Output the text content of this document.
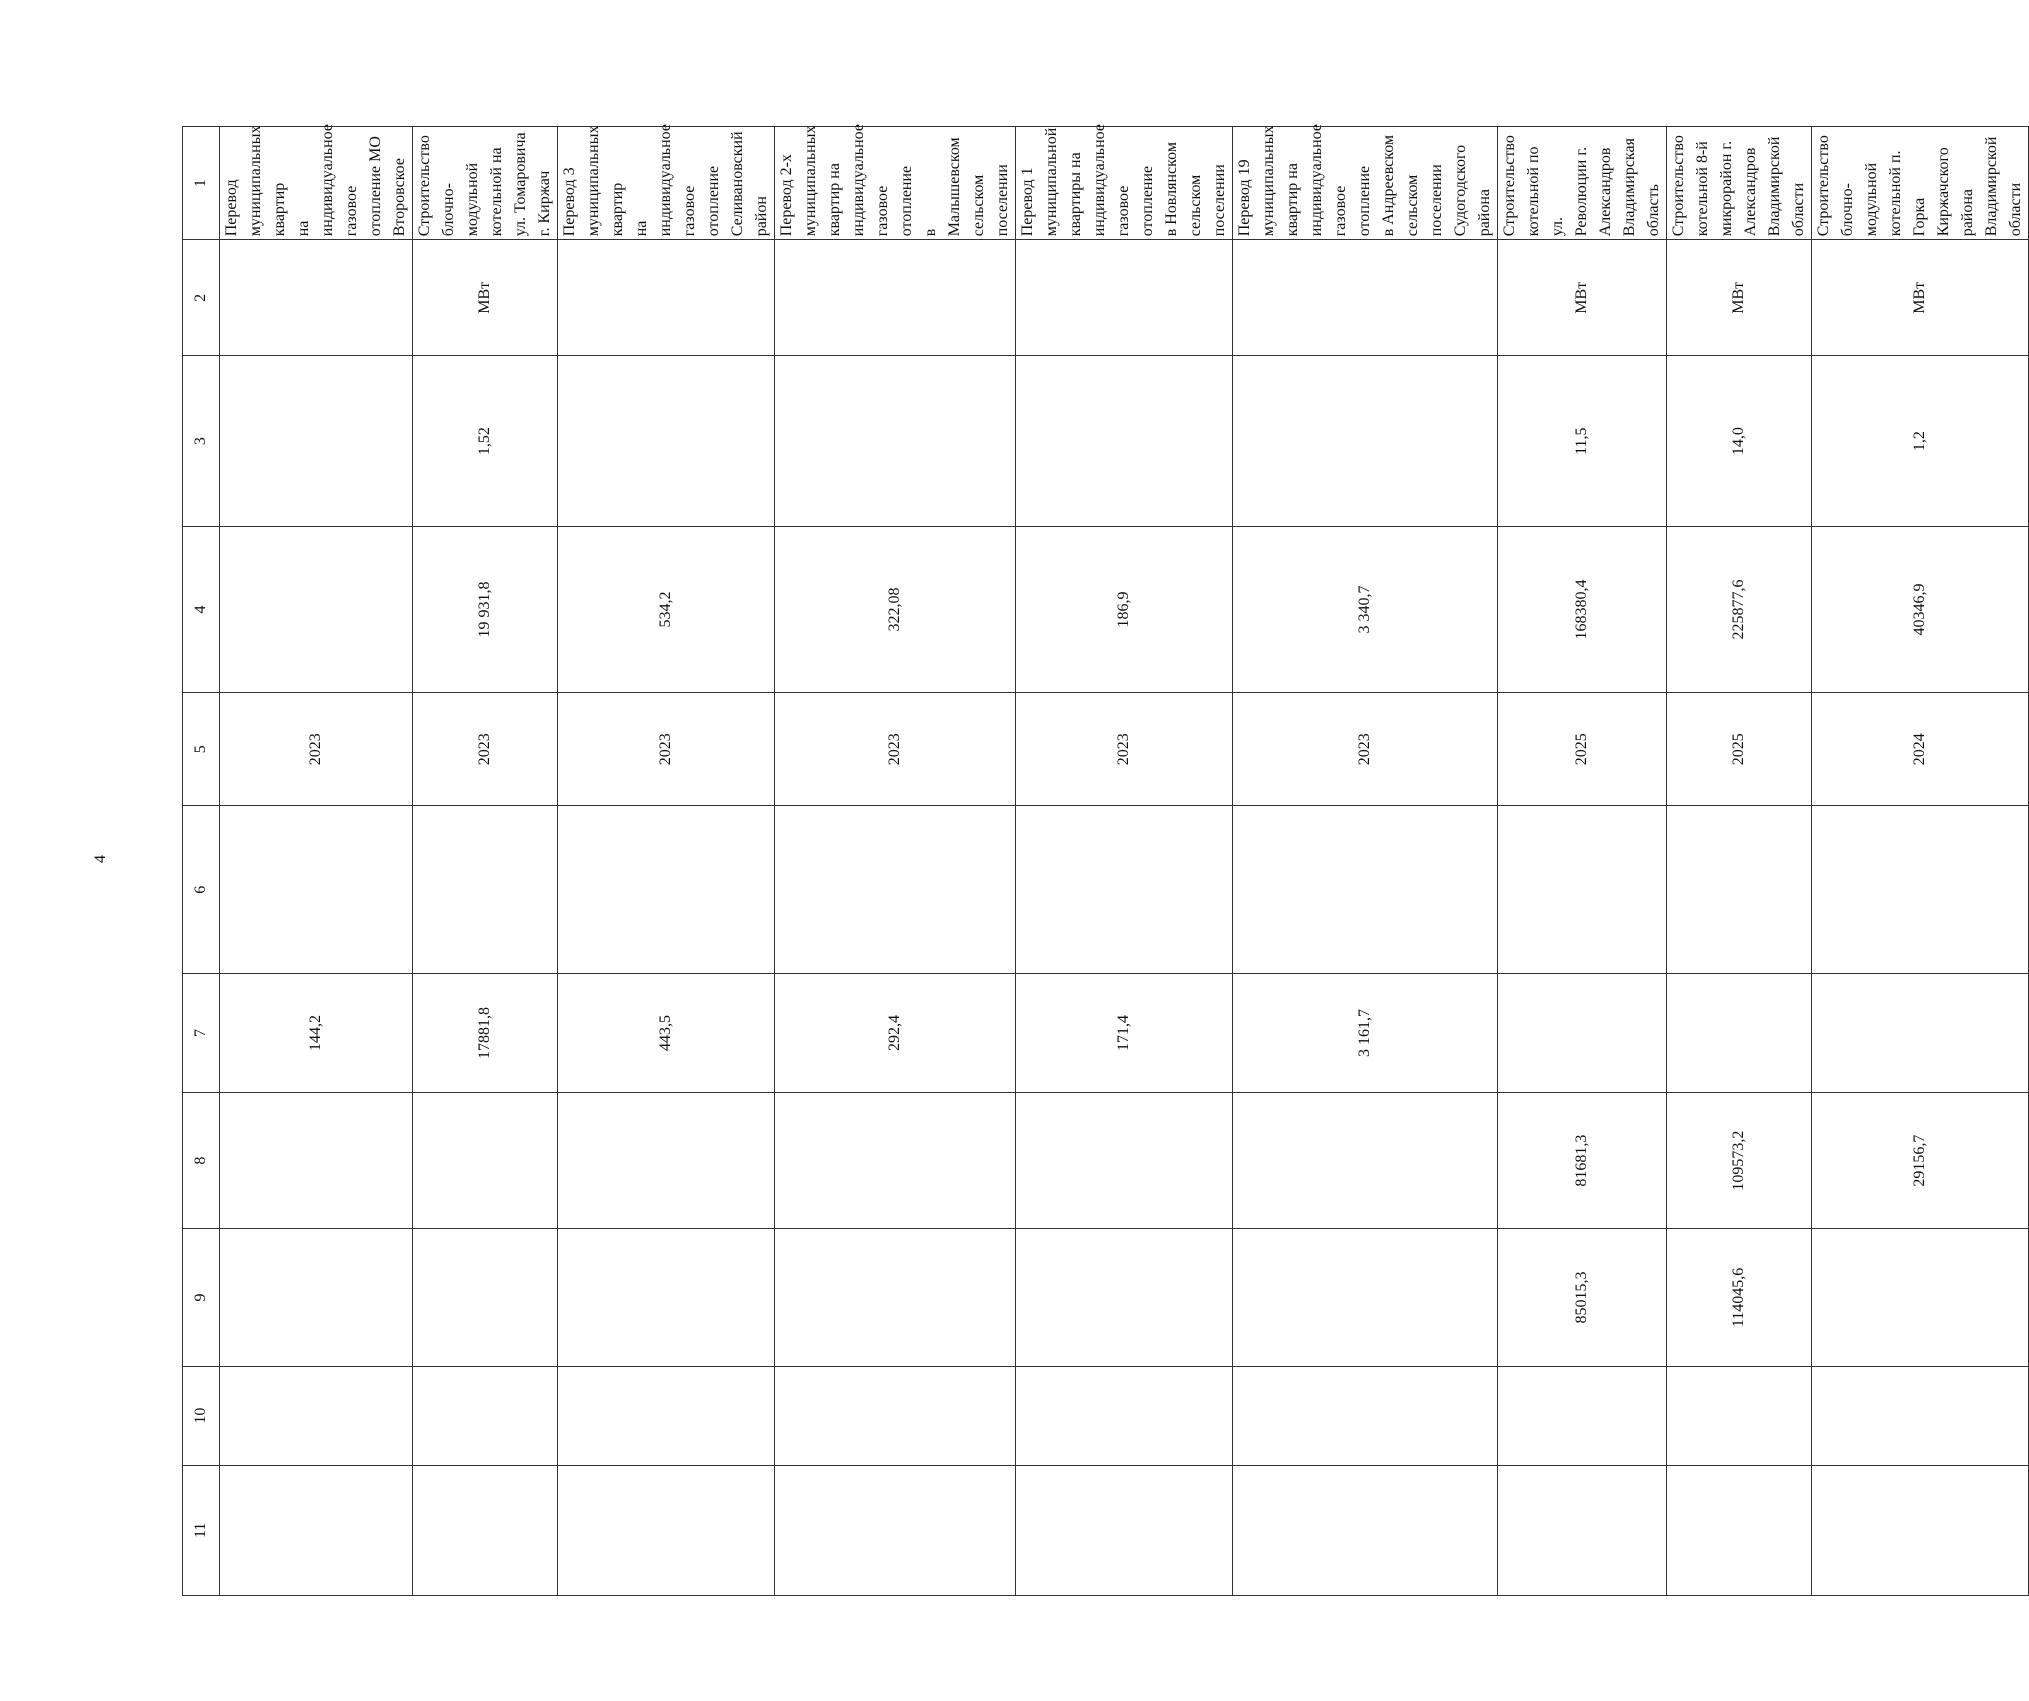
4
11	10	9	8	7	6	5	4	3	2	1
				144,2		2023				Перевод муниципальных квартир на индивидуальное газовое отопление МО Второвское

				17881,8		2023	19 931,8	1,52	МВт	Строительство блочно-модульной котельной на ул. Томаровича г. Киржач

				443,5		2023	534,2			Перевод 3 муниципальных квартир на индивидуальное газовое отопление Селивановский район

				292,4		2023	322,08			Перевод 2-х муниципальных квартир на индивидуальное газовое отопление в Малышевском сельском поселении

				171,4		2023	186,9			Перевод 1 муниципальной квартиры на индивидуальное газовое отопление в Новлянском сельском поселении

				3 161,7		2023	3 340,7			Перевод 19 муниципальных квартир на индивидуальное газовое отопление в Андреевском сельском поселении Судогодского района

		85015,3	81681,3			2025	168380,4	11,5	МВт	Строительство котельной по ул. Революции г. Александров Владимирская область

		114045,6	109573,2			2025	225877,6	14,0	МВт	Строительство котельной 8-й микрорайон г. Александров Владимирской области

			29156,7			2024	40346,9	1,2	МВт	Строительство блочно-модульной котельной п. Горка Киржачского района Владимирской области
